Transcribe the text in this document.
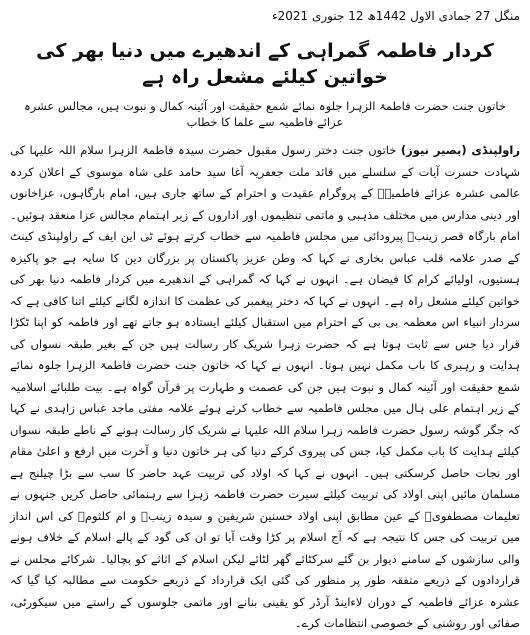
منگل 27 جمادی الاول 1442ھ 12 جنوری 2021ء
کردار فاطمہ گمراہی کے اندھیرے میں دنیا بھر کی خواتین کیلئے مشعل راہ ہے
خاتون جنت حضرت فاطمۃ الزہرا جلوہ نمائے شمع حقیقت اور آئینہ کمال و نبوت ہیں، مجالس عشرہ عزائے فاطمیہ سے علما کا خطاب

راولپنڈی (بصیر نیوز) خاتون جنت دختر رسول مقبول حضرت سیدہ فاطمۃ الزہرا سلام اللہ علیہا کی شہادت حسرت آیات کے سلسلے میں قائد ملت جعفریہ آغا سید حامد علی شاہ موسوی کے اعلان کردہ عالمی عشرہ عزائے فاطمیہؑ کے پروگرام عقیدت و احترام کے ساتھ جاری ہیں، امام بارگاہوں، عزاخانوں اور دینی مدارس میں مختلف مذہبی و ماتمی تنظیموں اور اداروں کے زیر اہتمام مجالس عزا منعقد ہوئیں۔ امام بارگاہ قصر زینبؑ پیرودائی میں مجلس فاطمیہ سے خطاب کرتے ہوئے ٹی این ایف کے راولپنڈی کینٹ کے صدر علامہ قلب عباس بخاری نے کہا کہ وطن عزیز پاکستان پر بزرگان دین کا سایہ ہے جو پاکیزہ ہستیوں، اولیائے کرام کا فیضان ہے۔ انہوں نے کہا کہ گمراہی کے اندھیرے میں کردار فاطمہ دنیا بھر کی خواتین کیلئے مشعل راہ ہے۔ انہوں نے کہا کہ دختر پیغمبر کی عظمت کا اندازہ لگانے کیلئے اتنا کافی ہے کہ سردار انبیاء اس معظمہ بی بی کے احترام میں استقبال کیلئے ایستادہ ہو جاتے تھے اور فاطمہ کو اپنا ٹکڑا قرار دیا جس سے ثابت ہوتا ہے کہ حضرت زہرا شریک کار رسالت ہیں جن کے بغیر طبقہ نسواں کی ہدایت و رہبری کا باب مکمل نہیں ہوتا۔ انہوں نے کہا کہ خاتون جنت حضرت فاطمۃ الزہرا جلوہ نمائے شمع حقیقت اور آئینہ کمال و نبوت ہیں جن کی عصمت و طہارت پر قرآن گواہ ہے۔ بیت طلبائے اسلامیہ کے زیر اہتمام علی ہال میں مجلس فاطمیہ سے خطاب کرتے ہوئے علامہ مفتی ماجد عباس زاہدی نے کہا کہ جگر گوشہ رسول حضرت فاطمہ زہرا سلام اللہ علیہا نے شریک کار رسالت ہونے کے ناطے طبقہ نسواں کیلئے ہدایت کا باب مکمل کیا، جس کی پیروی کرکے دنیا کی ہر خاتون دنیا و آخرت میں ارفع و اعلیٰ مقام اور نجات حاصل کرسکتی ہیں۔ انہوں نے کہا کہ اولاد کی تربیت عہد حاضر کا سب سے بڑا چیلنج ہے مسلمان مائیں اپنی اولاد کی تربیت کیلئے سیرت حضرت فاطمہ زہرا سے رہنمائی حاصل کریں جنہوں نے تعلیمات مصطفویؐ کے عین مطابق اپنی اولاد حسنین شریفین و سیدہ زینبؑ و ام کلثومؑ کی اس انداز میں تربیت کی جس کا نتیجہ ہے کہ آج اسلام پر کڑا وقت آیا تو ان کی گود کے پالے اسلام کے خلاف ہونے والی سازشوں کے سامنے دیوار بن گئے سرکٹائے گھر لٹائے لیکن اسلام کے اثاثے کو بچالیا۔ شرکائے مجلس نے قراردادوں کے ذریعے متفقہ طور پر منظور کی گئی ایک قرارداد کے ذریعے حکومت سے مطالبہ کیا گیا کہ عشرہ عزائے فاطمیہ کے دوران لاءاینڈ آرڈر کو یقینی بنانے اور ماتمی جلوسوں کے راستے میں سیکورٹی، صفائی اور روشنی کے خصوصی انتظامات کرے۔
